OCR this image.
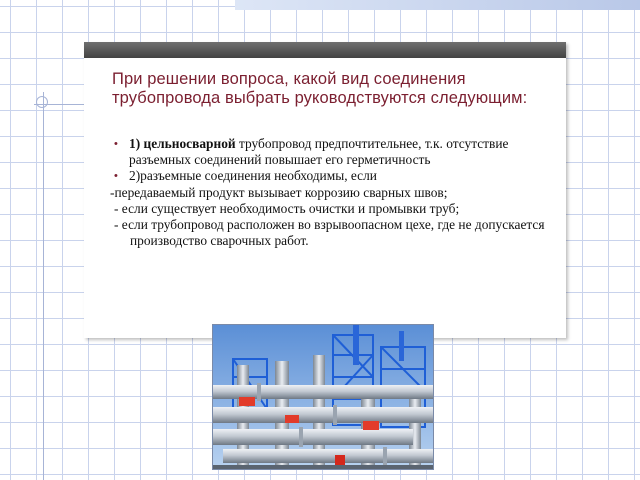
При решении вопроса, какой вид соединения трубопровода выбрать руководствуются следующим:

• 1) цельносварной трубопровод предпочтительнее, т.к. отсутствие разъемных соединений повышает его герметичность

• 2)разъемные соединения необходимы, если

-передаваемый продукт вызывает коррозию сварных швов;

- если существует необходимость очистки и промывки труб;

- если трубопровод расположен во взрывоопасном цехе, где не допускается производство сварочных работ.
